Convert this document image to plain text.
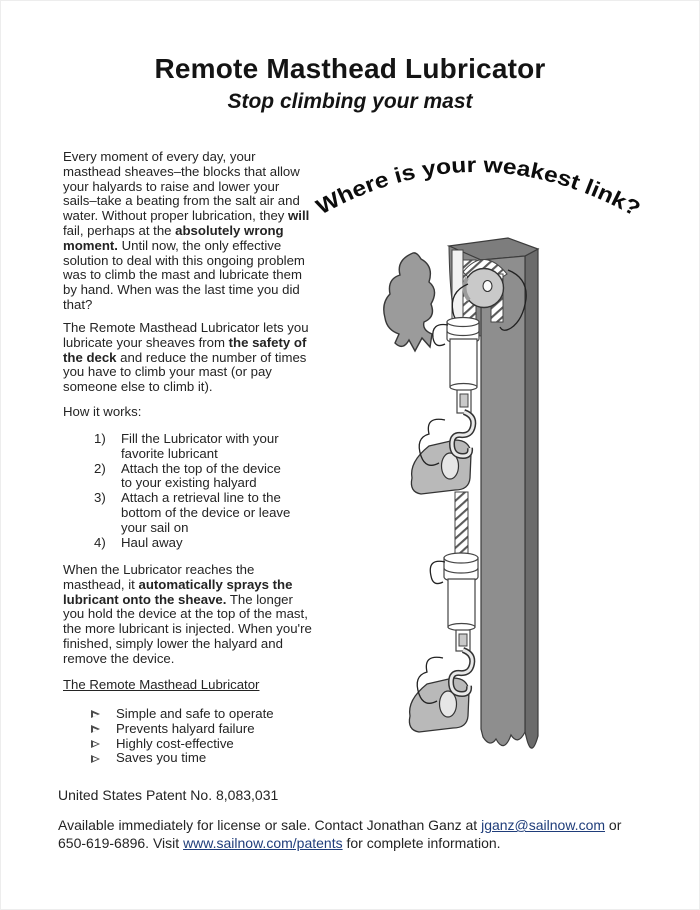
Remote Masthead Lubricator
Stop climbing your mast
Where is your weakest link?
Every moment of every day, your
masthead sheaves–the blocks that allow
your halyards to raise and lower your
sails–take a beating from the salt air and
water. Without proper lubrication, they will
fail, perhaps at the absolutely wrong
moment. Until now, the only effective
solution to deal with this ongoing problem
was to climb the mast and lubricate them
by hand. When was the last time you did
that?
The Remote Masthead Lubricator lets you
lubricate your sheaves from the safety of
the deck and reduce the number of times
you have to climb your mast (or pay
someone else to climb it).
How it works:
1)	Fill the Lubricator with your
favorite lubricant
2)	Attach the top of the device
to your existing halyard
3)	Attach a retrieval line to the
bottom of the device or leave
your sail on
4)	Haul away
When the Lubricator reaches the
masthead, it automatically sprays the
lubricant onto the sheave. The longer
you hold the device at the top of the mast,
the more lubricant is injected. When you're
finished, simply lower the halyard and
remove the device.
The Remote Masthead Lubricator
Simple and safe to operate
Prevents halyard failure
Highly cost-effective
Saves you time
United States Patent No. 8,083,031
Available immediately for license or sale. Contact Jonathan Ganz at jganz@sailnow.com or
650-619-6896. Visit www.sailnow.com/patents for complete information.
